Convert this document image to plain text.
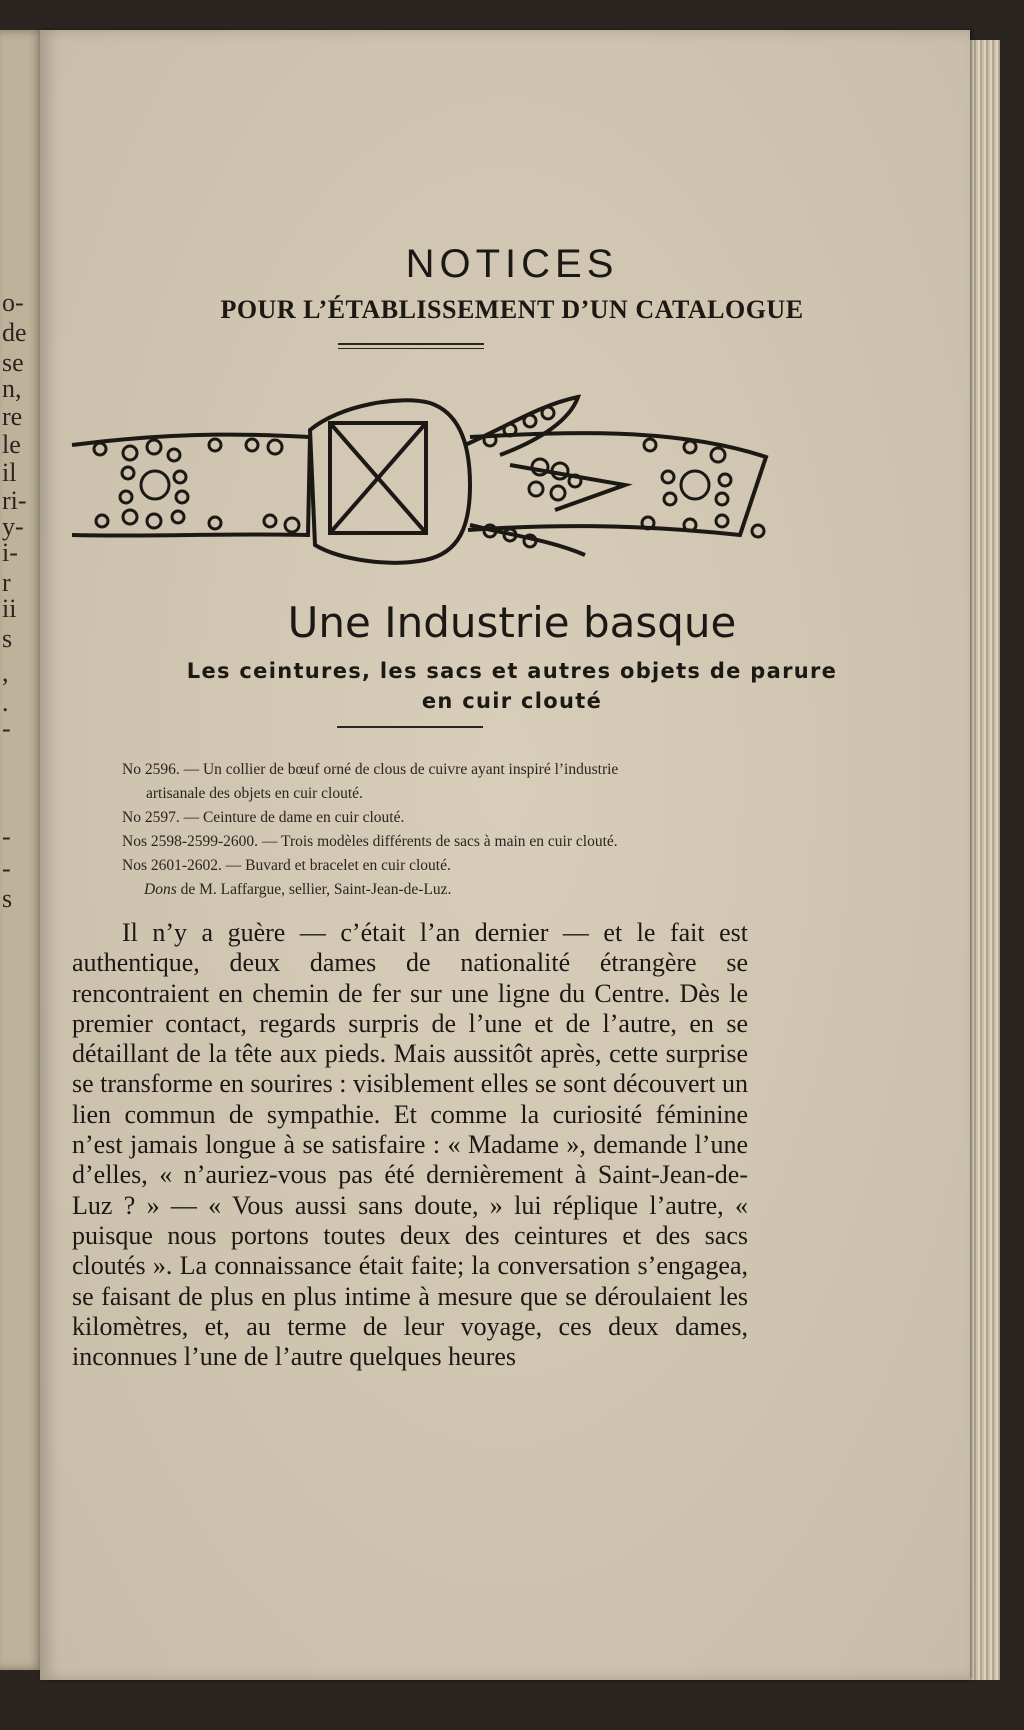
o-
de
se
n,
re
le
il
ri-
y-
i-
r
ii
s
,
.
-
-
-
s
NOTICES
POUR L’ÉTABLISSEMENT D’UN CATALOGUE
Une Industrie basque
Les ceintures, les sacs et autres objets de parure
en cuir clouté

No 2596. — Un collier de bœuf orné de clous de cuivre ayant inspiré l’industrie
artisanale des objets en cuir clouté.

No 2597. — Ceinture de dame en cuir clouté.

Nos 2598-2599-2600. — Trois modèles différents de sacs à main en cuir clouté.

Nos 2601-2602. — Buvard et bracelet en cuir clouté.

Dons de M. Laffargue, sellier, Saint-Jean-de-Luz.

Il n’y a guère — c’était l’an dernier — et le fait est authentique, deux dames de nationalité étrangère se rencontraient en chemin de fer sur une ligne du Centre. Dès le premier contact, regards surpris de l’une et de l’autre, en se détaillant de la tête aux pieds. Mais aussitôt après, cette surprise se transforme en sourires : visiblement elles se sont découvert un lien commun de sympathie. Et comme la curiosité féminine n’est jamais longue à se satisfaire : « Madame », demande l’une d’elles, « n’auriez-vous pas été dernièrement à Saint-Jean-de-Luz ? » — « Vous aussi sans doute, » lui réplique l’autre, « puisque nous portons toutes deux des ceintures et des sacs cloutés ». La connaissance était faite; la conversation s’engagea, se faisant de plus en plus intime à mesure que se déroulaient les kilomètres, et, au terme de leur voyage, ces deux dames, inconnues l’une de l’autre quelques heures
